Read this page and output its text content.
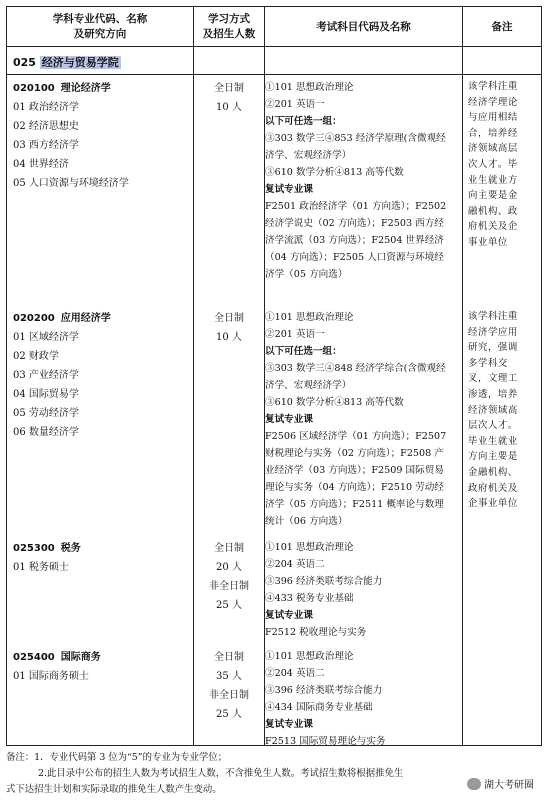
学科专业代码、名称
及研究方向
学习方式
及招生人数
考试科目代码及名称	备注
025 经济与贸易学院
020100 理论经济学
01 政治经济学
02 经济思想史
03 西方经济学
04 世界经济
05 人口资源与环境经济学
全日制
10 人
①101 思想政治理论
②201 英语一
以下可任选一组：
③303 数学三④853 经济学原理(含微观经
济学、宏观经济学）
③610 数学分析④813 高等代数
复试专业课
F2501 政治经济学（01 方向选）；F2502
经济学说史（02 方向选）；F2503 西方经
济学流派（03 方向选）；F2504 世界经济
（04 方向选）；F2505 人口资源与环境经
济学（05 方向选）
该学科注重
经济学理论
与应用相结
合，培养经
济领域高层
次人才。毕
业生就业方
向主要是金
融机构、政
府机关及企
事业单位
020200 应用经济学
01 区域经济学
02 财政学
03 产业经济学
04 国际贸易学
05 劳动经济学
06 数量经济学
全日制
10 人
①101 思想政治理论
②201 英语一
以下可任选一组：
③303 数学三④848 经济学综合(含微观经
济学、宏观经济学）
③610 数学分析④813 高等代数
复试专业课
F2506 区域经济学（01 方向选）；F2507
财税理论与实务（02 方向选）；F2508 产
业经济学（03 方向选）；F2509 国际贸易
理论与实务（04 方向选）；F2510 劳动经
济学（05 方向选）；F2511 概率论与数理
统计（06 方向选）
该学科注重
经济学应用
研究，强调
多学科交
叉，文理工
渗透，培养
经济领域高
层次人才。
毕业生就业
方向主要是
金融机构、
政府机关及
企事业单位
025300 税务
01 税务硕士
全日制
20 人
非全日制
25 人
①101 思想政治理论
②204 英语二
③396 经济类联考综合能力
④433 税务专业基础
复试专业课
F2512 税收理论与实务
025400 国际商务
01 国际商务硕士
全日制
35 人
非全日制
25 人
①101 思想政治理论
②204 英语二
③396 经济类联考综合能力
④434 国际商务专业基础
复试专业课
F2513 国际贸易理论与实务
备注：1．专业代码第 3 位为“5”的专业为专业学位；
2.此目录中公布的招生人数为考试招生人数，不含推免生人数。考试招生数将根据推免生
式下达招生计划和实际录取的推免生人数产生变动。	湖大考研圈
